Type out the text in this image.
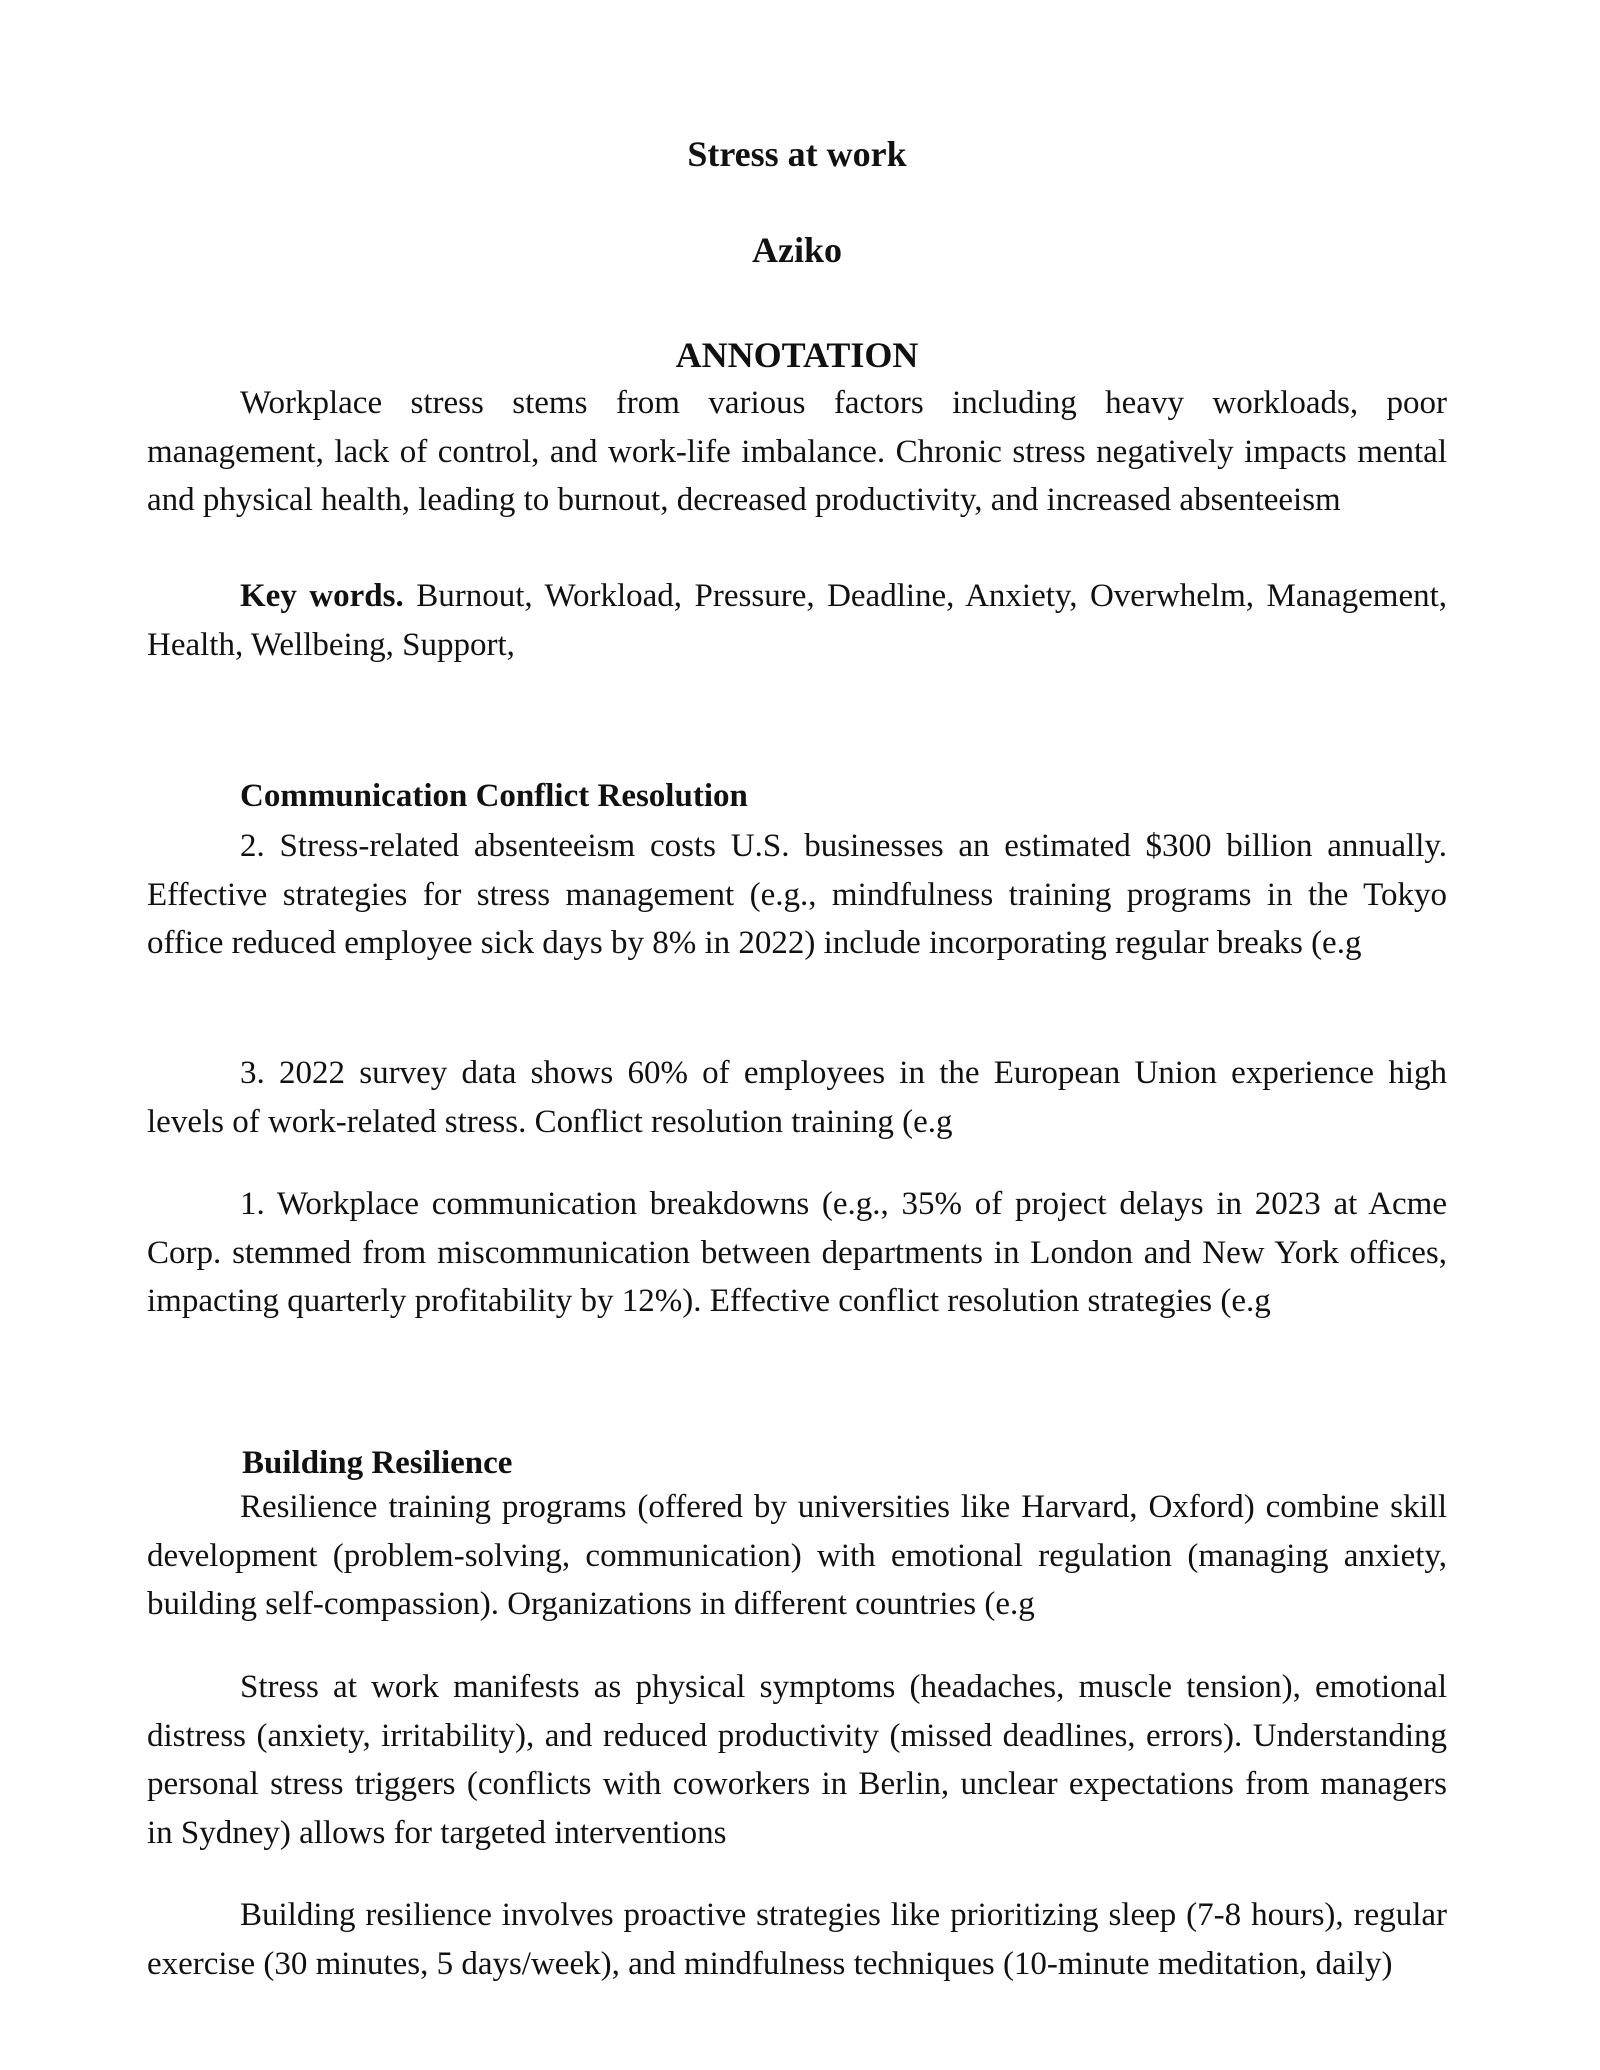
Stress at work
Aziko
ANNOTATION

Workplace stress stems from various factors including heavy workloads, poor management, lack of control, and work-life imbalance. Chronic stress negatively impacts mental and physical health, leading to burnout, decreased productivity, and increased absenteeism

Key words. Burnout, Workload, Pressure, Deadline, Anxiety, Overwhelm, Management, Health, Wellbeing, Support,

Communication Conflict Resolution

2. Stress-related absenteeism costs U.S. businesses an estimated $300 billion annually. Effective strategies for stress management (e.g., mindfulness training programs in the Tokyo office reduced employee sick days by 8% in 2022) include incorporating regular breaks (e.g

3. 2022 survey data shows 60% of employees in the European Union experience high levels of work-related stress. Conflict resolution training (e.g

1. Workplace communication breakdowns (e.g., 35% of project delays in 2023 at Acme Corp. stemmed from miscommunication between departments in London and New York offices, impacting quarterly profitability by 12%). Effective conflict resolution strategies (e.g

Building Resilience

Resilience training programs (offered by universities like Harvard, Oxford) combine skill development (problem-solving, communication) with emotional regulation (managing anxiety, building self-compassion). Organizations in different countries (e.g

Stress at work manifests as physical symptoms (headaches, muscle tension), emotional distress (anxiety, irritability), and reduced productivity (missed deadlines, errors). Understanding personal stress triggers (conflicts with coworkers in Berlin, unclear expectations from managers in Sydney) allows for targeted interventions

Building resilience involves proactive strategies like prioritizing sleep (7-8 hours), regular exercise (30 minutes, 5 days/week), and mindfulness techniques (10-minute meditation, daily)
